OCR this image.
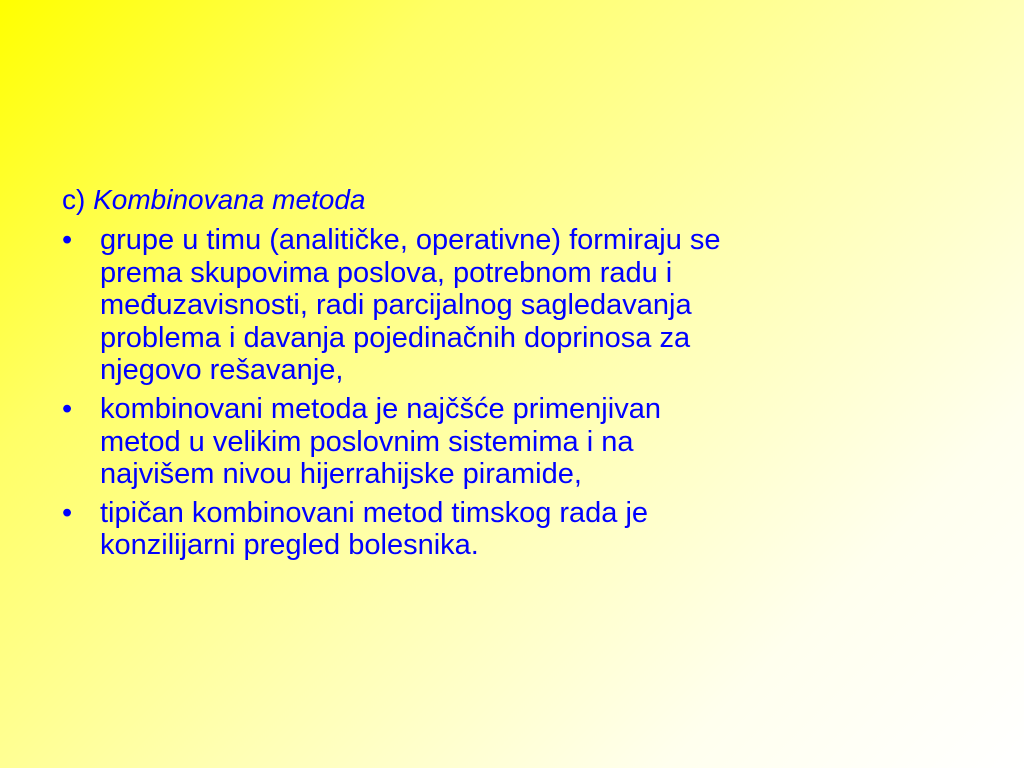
c) Kombinovana metoda
• grupe u timu (analitičke, operativne) formiraju se
prema skupovima poslova, potrebnom radu i
međuzavisnosti, radi parcijalnog sagledavanja
problema i davanja pojedinačnih doprinosa za
njegovo rešavanje,
• kombinovani metoda je najčšće primenjivan
metod u velikim poslovnim sistemima i na
najvišem nivou hijerrahijske piramide,
• tipičan kombinovani metod timskog rada je
konzilijarni pregled bolesnika.
